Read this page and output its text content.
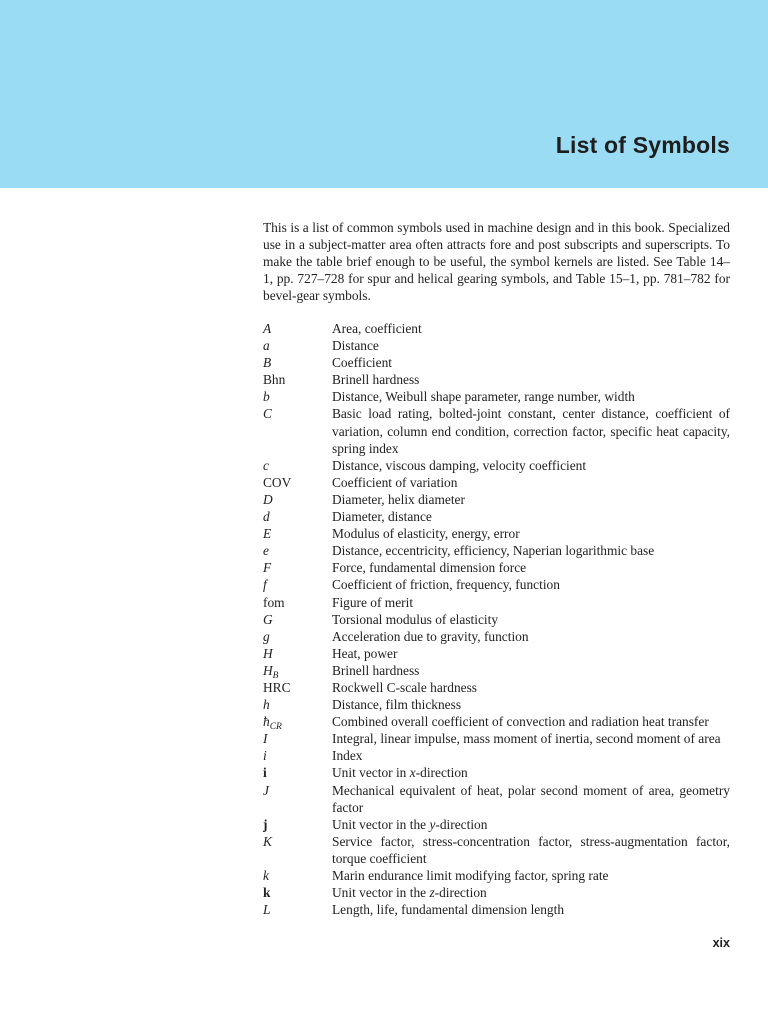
List of Symbols

This is a list of common symbols used in machine design and in this book. Specialized use in a subject-matter area often attracts fore and post subscripts and superscripts. To make the table brief enough to be useful, the symbol kernels are listed. See Table 14–1, pp. 727–728 for spur and helical gearing symbols, and Table 15–1, pp. 781–782 for bevel-gear symbols.

A	Area, coefficient
a	Distance
B	Coefficient
Bhn	Brinell hardness
b	Distance, Weibull shape parameter, range number, width
C	Basic load rating, bolted-joint constant, center distance, coefficient of variation, column end condition, correction factor, specific heat capacity, spring index
c	Distance, viscous damping, velocity coefficient
COV	Coefficient of variation
D	Diameter, helix diameter
d	Diameter, distance
E	Modulus of elasticity, energy, error
e	Distance, eccentricity, efficiency, Naperian logarithmic base
F	Force, fundamental dimension force
f	Coefficient of friction, frequency, function
fom	Figure of merit
G	Torsional modulus of elasticity
g	Acceleration due to gravity, function
H	Heat, power
$H_B$	Brinell hardness
HRC	Rockwell C-scale hardness
h	Distance, film thickness
$ħ_{CR}$	Combined overall coefficient of convection and radiation heat transfer
I	Integral, linear impulse, mass moment of inertia, second moment of area
i	Index
i	Unit vector in x-direction
J	Mechanical equivalent of heat, polar second moment of area, geometry factor
j	Unit vector in the y-direction
K	Service factor, stress-concentration factor, stress-augmentation factor, torque coefficient
k	Marin endurance limit modifying factor, spring rate
k	Unit vector in the z-direction
L	Length, life, fundamental dimension length

xix
